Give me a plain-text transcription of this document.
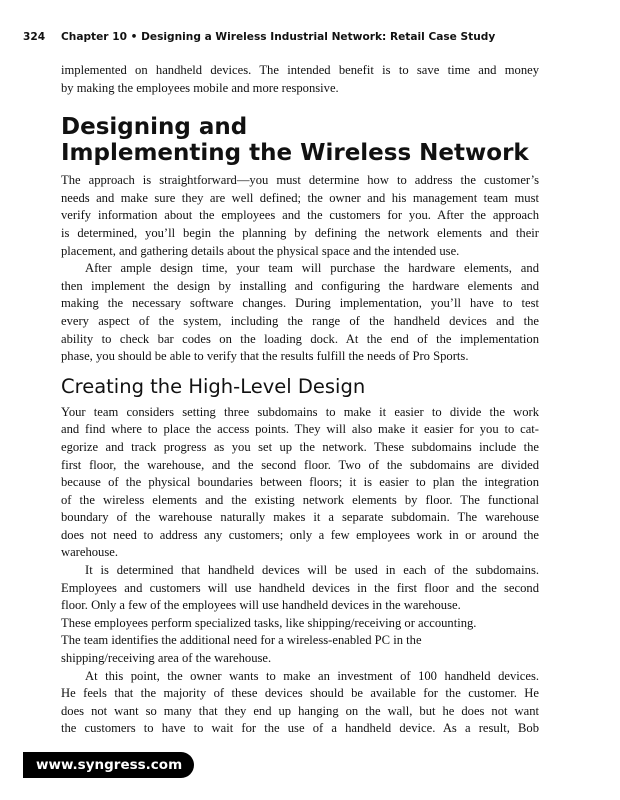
324 Chapter 10 • Designing a Wireless Industrial Network: Retail Case Study
implemented on handheld devices. The intended benefit is to save time and money
by making the employees mobile and more responsive.
Designing and
Implementing the Wireless Network
The approach is straightforward—you must determine how to address the customer’s
needs and make sure they are well defined; the owner and his management team must
verify information about the employees and the customers for you. After the approach
is determined, you’ll begin the planning by defining the network elements and their
placement, and gathering details about the physical space and the intended use.
After ample design time, your team will purchase the hardware elements, and
then implement the design by installing and configuring the hardware elements and
making the necessary software changes. During implementation, you’ll have to test
every aspect of the system, including the range of the handheld devices and the
ability to check bar codes on the loading dock. At the end of the implementation
phase, you should be able to verify that the results fulfill the needs of Pro Sports.
Creating the High-Level Design
Your team considers setting three subdomains to make it easier to divide the work
and find where to place the access points. They will also make it easier for you to cat-
egorize and track progress as you set up the network. These subdomains include the
first floor, the warehouse, and the second floor. Two of the subdomains are divided
because of the physical boundaries between floors; it is easier to plan the integration
of the wireless elements and the existing network elements by floor. The functional
boundary of the warehouse naturally makes it a separate subdomain. The warehouse
does not need to address any customers; only a few employees work in or around the
warehouse.
It is determined that handheld devices will be used in each of the subdomains.
Employees and customers will use handheld devices in the first floor and the second
floor. Only a few of the employees will use handheld devices in the warehouse.
These employees perform specialized tasks, like shipping/receiving or accounting.
The team identifies the additional need for a wireless-enabled PC in the
shipping/receiving area of the warehouse.
At this point, the owner wants to make an investment of 100 handheld devices.
He feels that the majority of these devices should be available for the customer. He
does not want so many that they end up hanging on the wall, but he does not want
the customers to have to wait for the use of a handheld device. As a result, Bob
www.syngress.com
